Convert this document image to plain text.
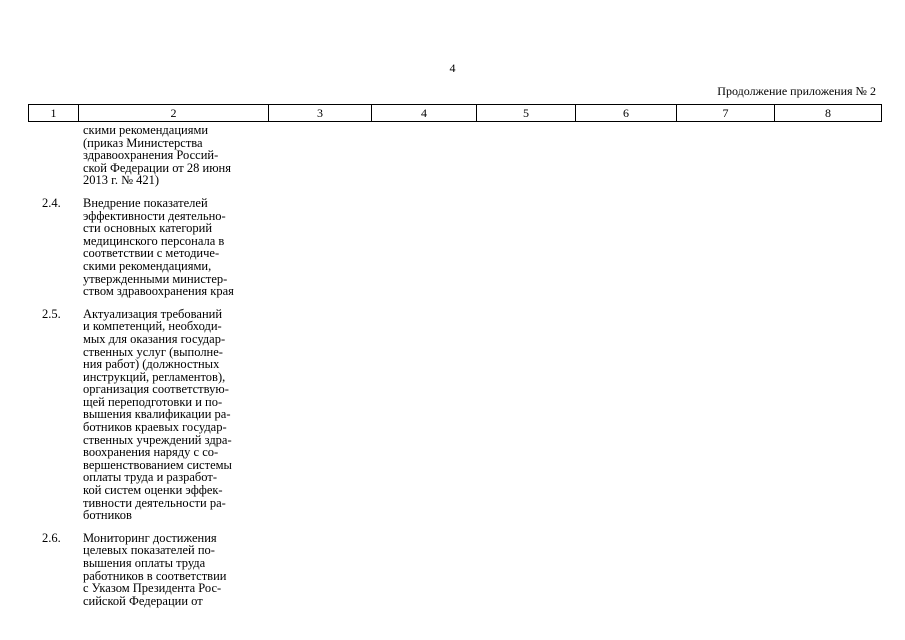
4
Продолжение приложения № 2
1	2	3	4	5	6	7	8
скими рекомендациями
(приказ Министерства
здравоохранения Россий-
ской Федерации от 28 июня
2013 г. № 421)
2.4.	Внедрение показателей
эффективности деятельно-
сти основных категорий
медицинского персонала в
соответствии с методиче-
скими рекомендациями,
утвержденными министер-
ством здравоохранения края
2.5.	Актуализация требований
и компетенций, необходи-
мых для оказания государ-
ственных услуг (выполне-
ния работ) (должностных
инструкций, регламентов),
организация соответствую-
щей переподготовки и по-
вышения квалификации ра-
ботников краевых государ-
ственных учреждений здра-
воохранения наряду с со-
вершенствованием системы
оплаты труда и разработ-
кой систем оценки эффек-
тивности деятельности ра-
ботников
2.6.	Мониторинг достижения
целевых показателей по-
вышения оплаты труда
работников в соответствии
с Указом Президента Рос-
сийской Федерации от
